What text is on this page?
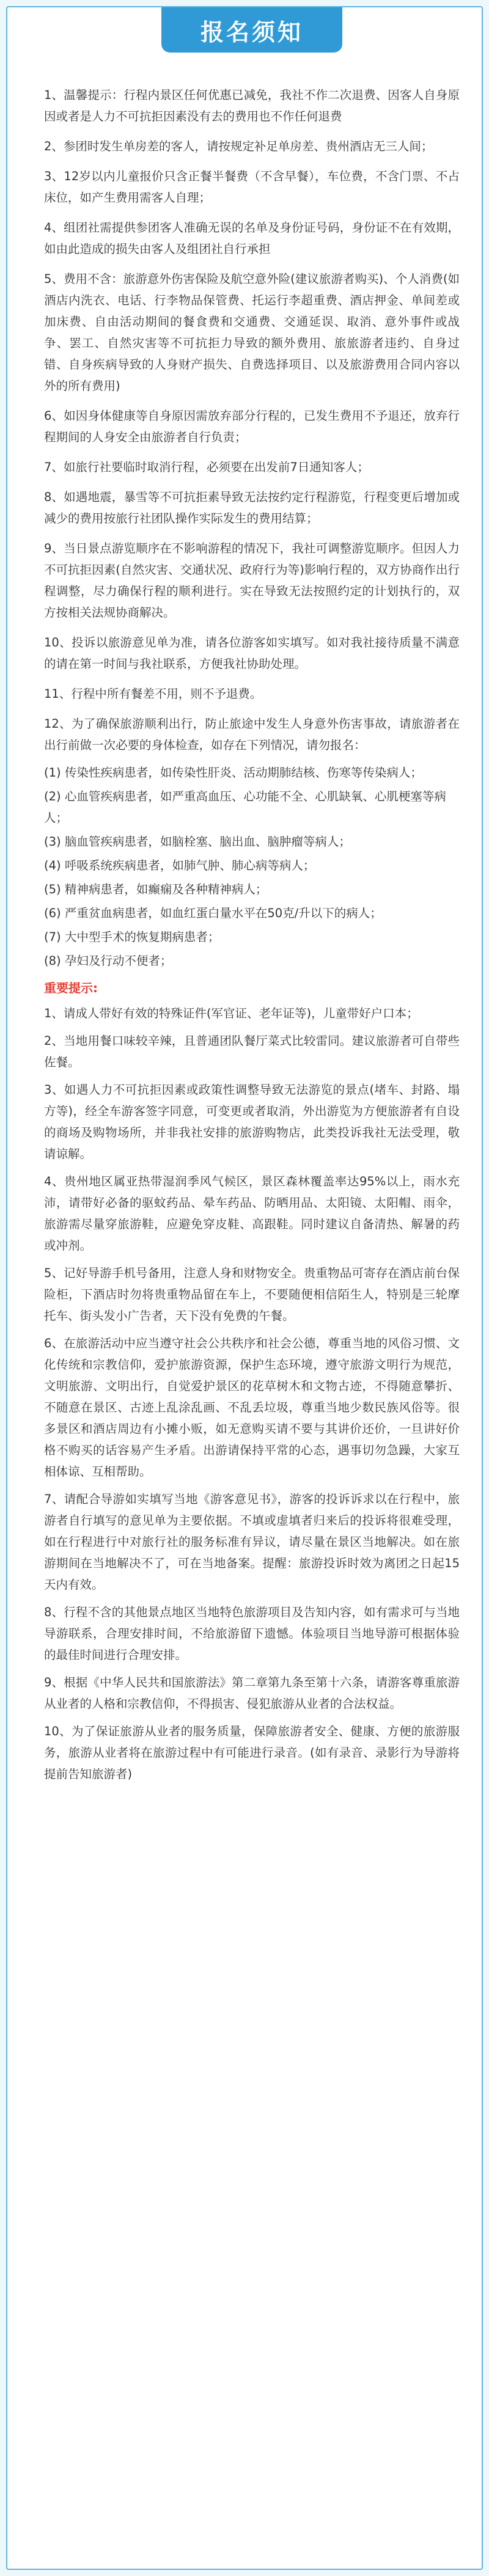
报名须知

1、温馨提示：行程内景区任何优惠已减免，我社不作二次退费、因客人自身原因或者是人力不可抗拒因素没有去的费用也不作任何退费

2、参团时发生单房差的客人，请按规定补足单房差、贵州酒店无三人间；

3、12岁以内儿童报价只含正餐半餐费（不含早餐），车位费，不含门票、不占床位，如产生费用需客人自理；

4、组团社需提供参团客人准确无误的名单及身份证号码，身份证不在有效期，如由此造成的损失由客人及组团社自行承担

5、费用不含：旅游意外伤害保险及航空意外险(建议旅游者购买)、个人消费(如酒店内洗衣、电话、行李物品保管费、托运行李超重费、酒店押金、单间差或加床费、自由活动期间的餐食费和交通费、交通延误、取消、意外事件或战争、罢工、自然灾害等不可抗拒力导致的额外费用、旅旅游者违约、自身过错、自身疾病导致的人身财产损失、自费选择项目、以及旅游费用合同内容以外的所有费用)

6、如因身体健康等自身原因需放弃部分行程的，已发生费用不予退还，放弃行程期间的人身安全由旅游者自行负责；

7、如旅行社要临时取消行程，必须要在出发前7日通知客人；

8、如遇地震，暴雪等不可抗拒素导致无法按约定行程游览，行程变更后增加或减少的费用按旅行社团队操作实际发生的费用结算；

9、当日景点游览顺序在不影响游程的情况下，我社可调整游览顺序。但因人力不可抗拒因素(自然灾害、交通状况、政府行为等)影响行程的，双方协商作出行程调整，尽力确保行程的顺利进行。实在导致无法按照约定的计划执行的，双方按相关法规协商解决。

10、投诉以旅游意见单为准，请各位游客如实填写。如对我社接待质量不满意的请在第一时间与我社联系，方便我社协助处理。

11、行程中所有餐差不用，则不予退费。

12、为了确保旅游顺利出行，防止旅途中发生人身意外伤害事故，请旅游者在出行前做一次必要的身体检查，如存在下列情况，请勿报名：

(1) 传染性疾病患者，如传染性肝炎、活动期肺结核、伤寒等传染病人；

(2) 心血管疾病患者，如严重高血压、心功能不全、心肌缺氧、心肌梗塞等病人；

(3) 脑血管疾病患者，如脑栓塞、脑出血、脑肿瘤等病人；

(4) 呼吸系统疾病患者，如肺气肿、肺心病等病人；

(5) 精神病患者，如癫痫及各种精神病人；

(6) 严重贫血病患者，如血红蛋白量水平在50克/升以下的病人；

(7) 大中型手术的恢复期病患者；

(8) 孕妇及行动不便者；

重要提示:

1、请成人带好有效的特殊证件(军官证、老年证等)，儿童带好户口本；

2、当地用餐口味较辛辣，且普通团队餐厅菜式比较雷同。建议旅游者可自带些佐餐。

3、如遇人力不可抗拒因素或政策性调整导致无法游览的景点(堵车、封路、塌方等)，经全车游客签字同意，可变更或者取消，外出游览为方便旅游者有自设的商场及购物场所，并非我社安排的旅游购物店，此类投诉我社无法受理，敬请谅解。

4、贵州地区属亚热带湿润季风气候区，景区森林覆盖率达95%以上，雨水充沛，请带好必备的驱蚊药品、晕车药品、防晒用品、太阳镜、太阳帽、雨伞，旅游需尽量穿旅游鞋，应避免穿皮鞋、高跟鞋。同时建议自备清热、解暑的药或冲剂。

5、记好导游手机号备用，注意人身和财物安全。贵重物品可寄存在酒店前台保险柜，下酒店时勿将贵重物品留在车上，不要随便相信陌生人，特别是三轮摩托车、街头发小广告者，天下没有免费的午餐。

6、在旅游活动中应当遵守社会公共秩序和社会公德，尊重当地的风俗习惯、文化传统和宗教信仰，爱护旅游资源，保护生态环境，遵守旅游文明行为规范，文明旅游、文明出行，自觉爱护景区的花草树木和文物古迹，不得随意攀折、不随意在景区、古迹上乱涂乱画、不乱丢垃圾，尊重当地少数民族风俗等。很多景区和酒店周边有小摊小贩，如无意购买请不要与其讲价还价，一旦讲好价格不购买的话容易产生矛盾。出游请保持平常的心态，遇事切勿急躁，大家互相体谅、互相帮助。

7、请配合导游如实填写当地《游客意见书》，游客的投诉诉求以在行程中，旅游者自行填写的意见单为主要依据。不填或虚填者归来后的投诉将很难受理，如在行程进行中对旅行社的服务标准有异议，请尽量在景区当地解决。如在旅游期间在当地解决不了，可在当地备案。提醒：旅游投诉时效为离团之日起15天内有效。

8、行程不含的其他景点地区当地特色旅游项目及告知内容，如有需求可与当地导游联系，合理安排时间，不给旅游留下遗憾。体验项目当地导游可根据体验的最佳时间进行合理安排。

9、根据《中华人民共和国旅游法》第二章第九条至第十六条，请游客尊重旅游从业者的人格和宗教信仰，不得损害、侵犯旅游从业者的合法权益。

10、为了保证旅游从业者的服务质量，保障旅游者安全、健康、方便的旅游服务，旅游从业者将在旅游过程中有可能进行录音。(如有录音、录影行为导游将提前告知旅游者)
